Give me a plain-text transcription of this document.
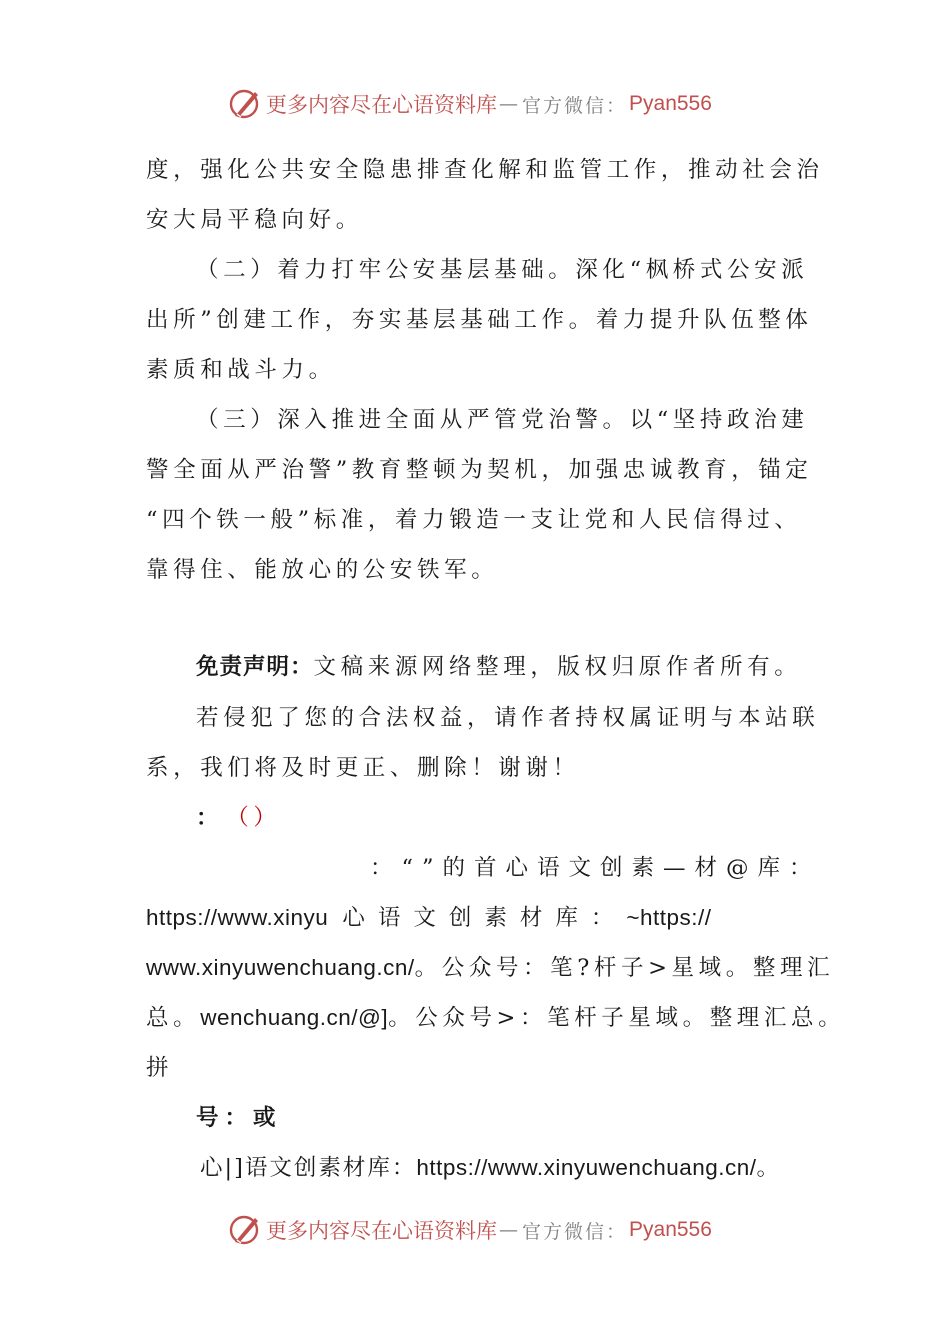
更多内容尽在心语资料库 — 官方微信： Pyan556
度，强化公共安全隐患排查化解和监管工作，推动社会治
安大局平稳向好。
（二）着力打牢公安基层基础。深化“枫桥式公安派
出所”创建工作，夯实基层基础工作。着力提升队伍整体
素质和战斗力。
（三）深入推进全面从严管党治警。以“坚持政治建
警全面从严治警”教育整顿为契机，加强忠诚教育，锚定
“四个铁一般”标准，着力锻造一支让党和人民信得过、
靠得住、能放心的公安铁军。
免责声明：文稿来源网络整理，版权归原作者所有。
若侵犯了您的合法权益，请作者持权属证明与本站联
系，我们将及时更正、删除！谢谢！
： （）
：“”的首心语文创素—材@库：
https://www.xinyu 心语文创素材库：~https://
www.xinyuwenchuang.cn/。公众号：笔?杆子>星域。整理汇
总。wenchuang.cn/@]。公众号>：笔杆子星域。整理汇总。
拼
号：或
心|]语文创素材库：https://www.xinyuwenchuang.cn/。
更多内容尽在心语资料库 — 官方微信： Pyan556
